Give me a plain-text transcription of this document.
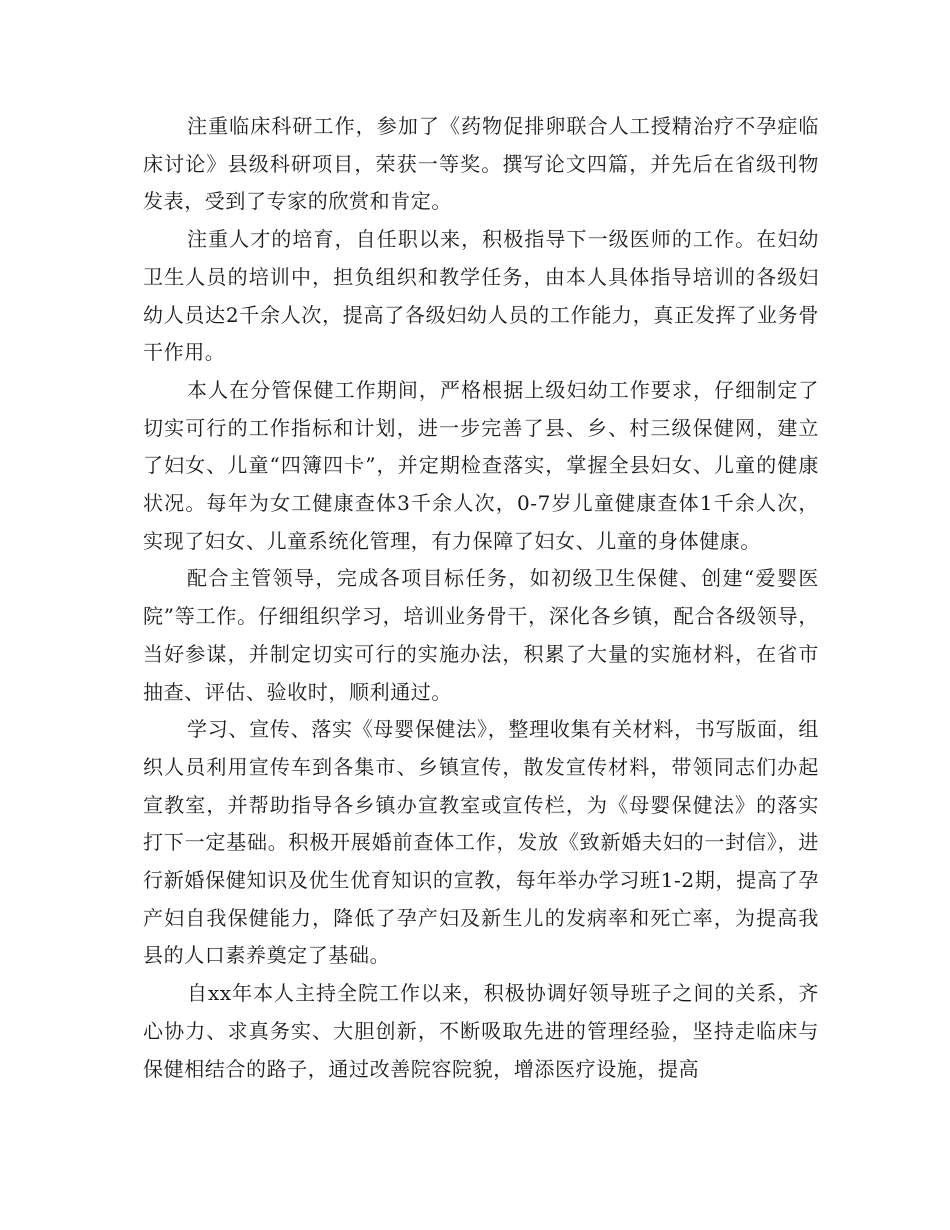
注重临床科研工作，参加了《药物促排卵联合人工授精治疗不孕症临床讨论》县级科研项目，荣获一等奖。撰写论文四篇，并先后在省级刊物发表，受到了专家的欣赏和肯定。

注重人才的培育，自任职以来，积极指导下一级医师的工作。在妇幼卫生人员的培训中，担负组织和教学任务，由本人具体指导培训的各级妇幼人员达2千余人次，提高了各级妇幼人员的工作能力，真正发挥了业务骨干作用。

本人在分管保健工作期间，严格根据上级妇幼工作要求，仔细制定了切实可行的工作指标和计划，进一步完善了县、乡、村三级保健网，建立了妇女、儿童“四簿四卡”，并定期检查落实，掌握全县妇女、儿童的健康状况。每年为女工健康查体3千余人次，0-7岁儿童健康查体1千余人次，实现了妇女、儿童系统化管理，有力保障了妇女、儿童的身体健康。

配合主管领导，完成各项目标任务，如初级卫生保健、创建“爱婴医院”等工作。仔细组织学习，培训业务骨干，深化各乡镇，配合各级领导，当好参谋，并制定切实可行的实施办法，积累了大量的实施材料，在省市抽查、评估、验收时，顺利通过。

学习、宣传、落实《母婴保健法》，整理收集有关材料，书写版面，组织人员利用宣传车到各集市、乡镇宣传，散发宣传材料，带领同志们办起宣教室，并帮助指导各乡镇办宣教室或宣传栏，为《母婴保健法》的落实打下一定基础。积极开展婚前查体工作，发放《致新婚夫妇的一封信》，进行新婚保健知识及优生优育知识的宣教，每年举办学习班1-2期，提高了孕产妇自我保健能力，降低了孕产妇及新生儿的发病率和死亡率，为提高我县的人口素养奠定了基础。

自xx年本人主持全院工作以来，积极协调好领导班子之间的关系，齐心协力、求真务实、大胆创新，不断吸取先进的管理经验，坚持走临床与保健相结合的路子，通过改善院容院貌，增添医疗设施，提高
